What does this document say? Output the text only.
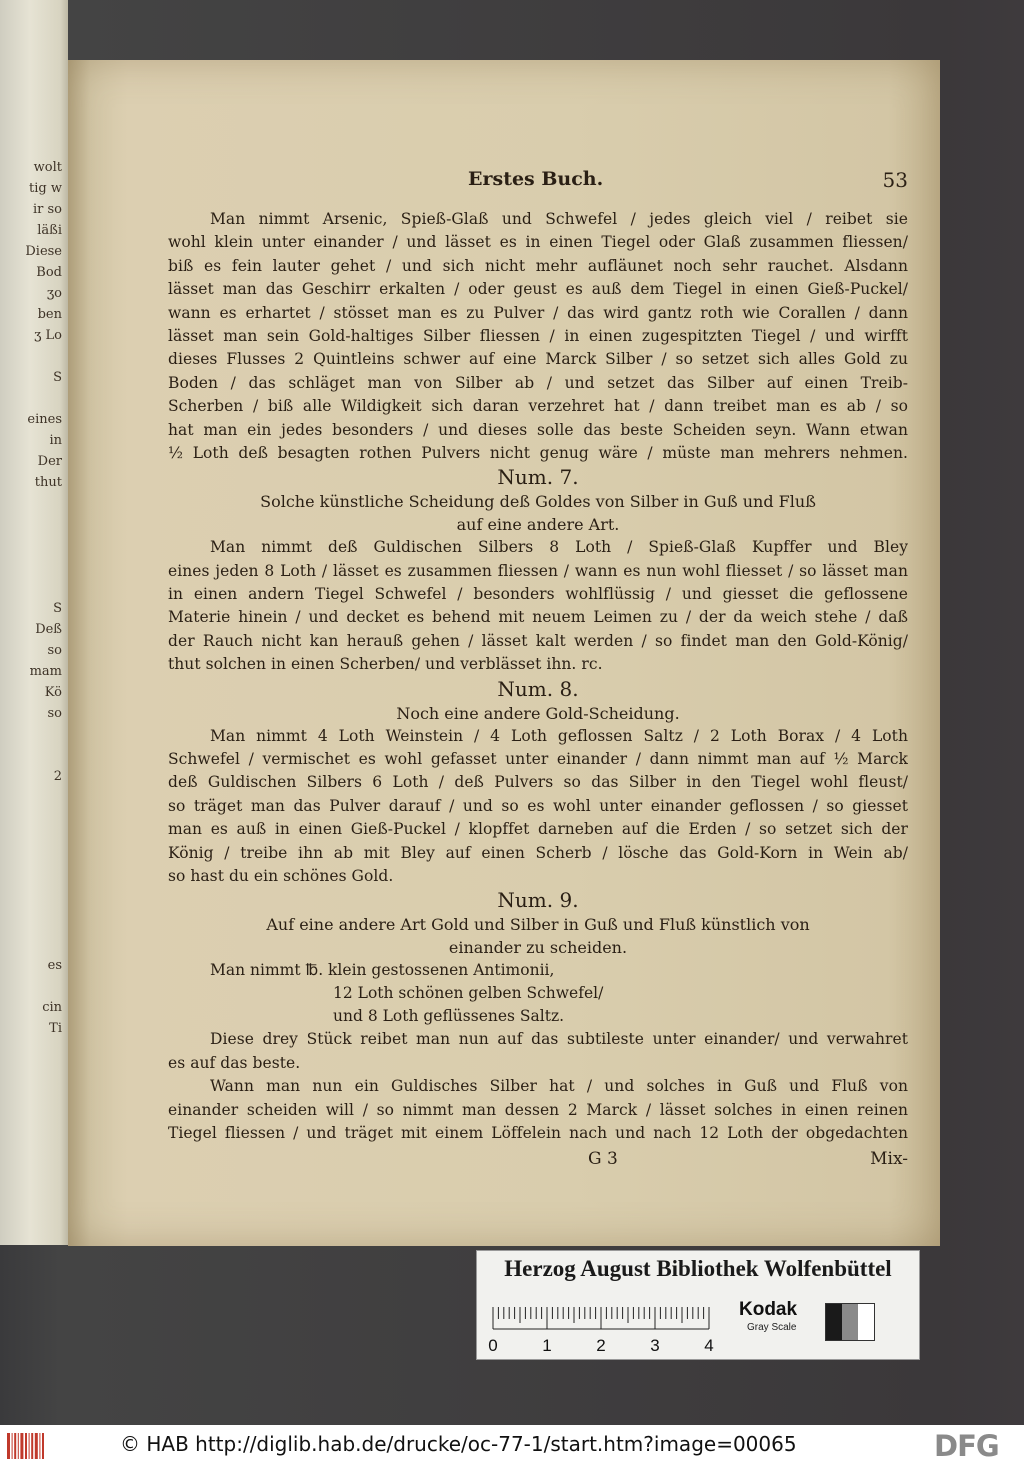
wolt
tig w
ir so
läßi
Diese
Bod
ʒo
ben
ʒ Lo
S
eines
in
Der
thut
S
Deß
so
mam
Kö
so
2
es
cin
Ti
Erstes Buch.	53
Man nimmt Arsenic, Spieß-Glaß und Schwefel / jedes gleich viel / reibet sie
wohl klein unter einander / und lässet es in einen Tiegel oder Glaß zusammen fliessen/
biß es fein lauter gehet / und sich nicht mehr aufläunet noch sehr rauchet. Alsdann
lässet man das Geschirr erkalten / oder geust es auß dem Tiegel in einen Gieß-Puckel/
wann es erhartet / stösset man es zu Pulver / das wird gantz roth wie Corallen / dann
lässet man sein Gold-haltiges Silber fliessen / in einen zugespitzten Tiegel / und wirfft
dieses Flusses 2 Quintleins schwer auf eine Marck Silber / so setzet sich alles Gold zu
Boden / das schläget man von Silber ab / und setzet das Silber auf einen Treib-
Scherben / biß alle Wildigkeit sich daran verzehret hat / dann treibet man es ab / so
hat man ein jedes besonders / und dieses solle das beste Scheiden seyn. Wann etwan
½ Loth deß besagten rothen Pulvers nicht genug wäre / müste man mehrers nehmen.
Num. 7.
Solche künstliche Scheidung deß Goldes von Silber in Guß und Fluß
auf eine andere Art.
Man nimmt deß Guldischen Silbers 8 Loth / Spieß-Glaß Kupffer und Bley
eines jeden 8 Loth / lässet es zusammen fliessen / wann es nun wohl fliesset / so lässet man
in einen andern Tiegel Schwefel / besonders wohlflüssig / und giesset die geflossene
Materie hinein / und decket es behend mit neuem Leimen zu / der da weich stehe / daß
der Rauch nicht kan herauß gehen / lässet kalt werden / so findet man den Gold-König/
thut solchen in einen Scherben/ und verblässet ihn. rc.
Num. 8.
Noch eine andere Gold-Scheidung.
Man nimmt 4 Loth Weinstein / 4 Loth geflossen Saltz / 2 Loth Borax / 4 Loth
Schwefel / vermischet es wohl gefasset unter einander / dann nimmt man auf ½ Marck
deß Guldischen Silbers 6 Loth / deß Pulvers so das Silber in den Tiegel wohl fleust/
so träget man das Pulver darauf / und so es wohl unter einander geflossen / so giesset
man es auß in einen Gieß-Puckel / klopffet darneben auf die Erden / so setzet sich der
König / treibe ihn ab mit Bley auf einen Scherb / lösche das Gold-Korn in Wein ab/
so hast du ein schönes Gold.
Num. 9.
Auf eine andere Art Gold und Silber in Guß und Fluß künstlich von
einander zu scheiden.
Man nimmt ℔. klein gestossenen Antimonii,
12 Loth schönen gelben Schwefel/
und 8 Loth geflüssenes Saltz.
Diese drey Stück reibet man nun auf das subtileste unter einander/ und verwahret
es auf das beste.
Wann man nun ein Guldisches Silber hat / und solches in Guß und Fluß von
einander scheiden will / so nimmt man dessen 2 Marck / lässet solches in einen reinen
Tiegel fliessen / und träget mit einem Löffelein nach und nach 12 Loth der obgedachten
G 3	Mix-
Herzog August Bibliothek Wolfenbüttel
0	1	2	3	4
Kodak
Gray Scale
© HAB http://diglib.hab.de/drucke/oc-77-1/start.htm?image=00065	DFG
